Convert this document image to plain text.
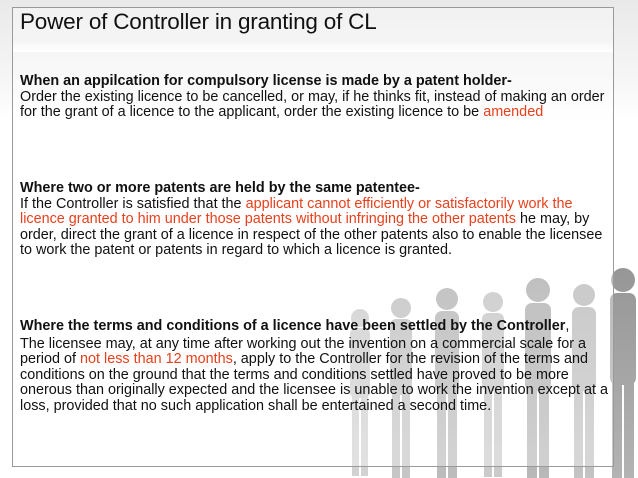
Power of Controller in granting of CL

When an appilcation for compulsory license is made by a patent holder-

Order the existing licence to be cancelled, or may, if he thinks fit, instead of making an order for the grant of a licence to the applicant, order the existing licence to be amended

Where two or more patents are held by the same patentee-

If the Controller is satisfied that the applicant cannot efficiently or satisfactorily work the licence granted to him under those patents without infringing the other patents he may, by order, direct the grant of a licence in respect of the other patents also to enable the licensee to work the patent or patents in regard to which a licence is granted.

Where the terms and conditions of a licence have been settled by the Controller,

The licensee may, at any time after working out the invention on a commercial scale for a period of not less than 12 months, apply to the Controller for the revision of the terms and conditions on the ground that the terms and conditions settled have proved to be more onerous than originally expected and the licensee is unable to work the invention except at a loss, provided that no such application shall be entertained a second time.
